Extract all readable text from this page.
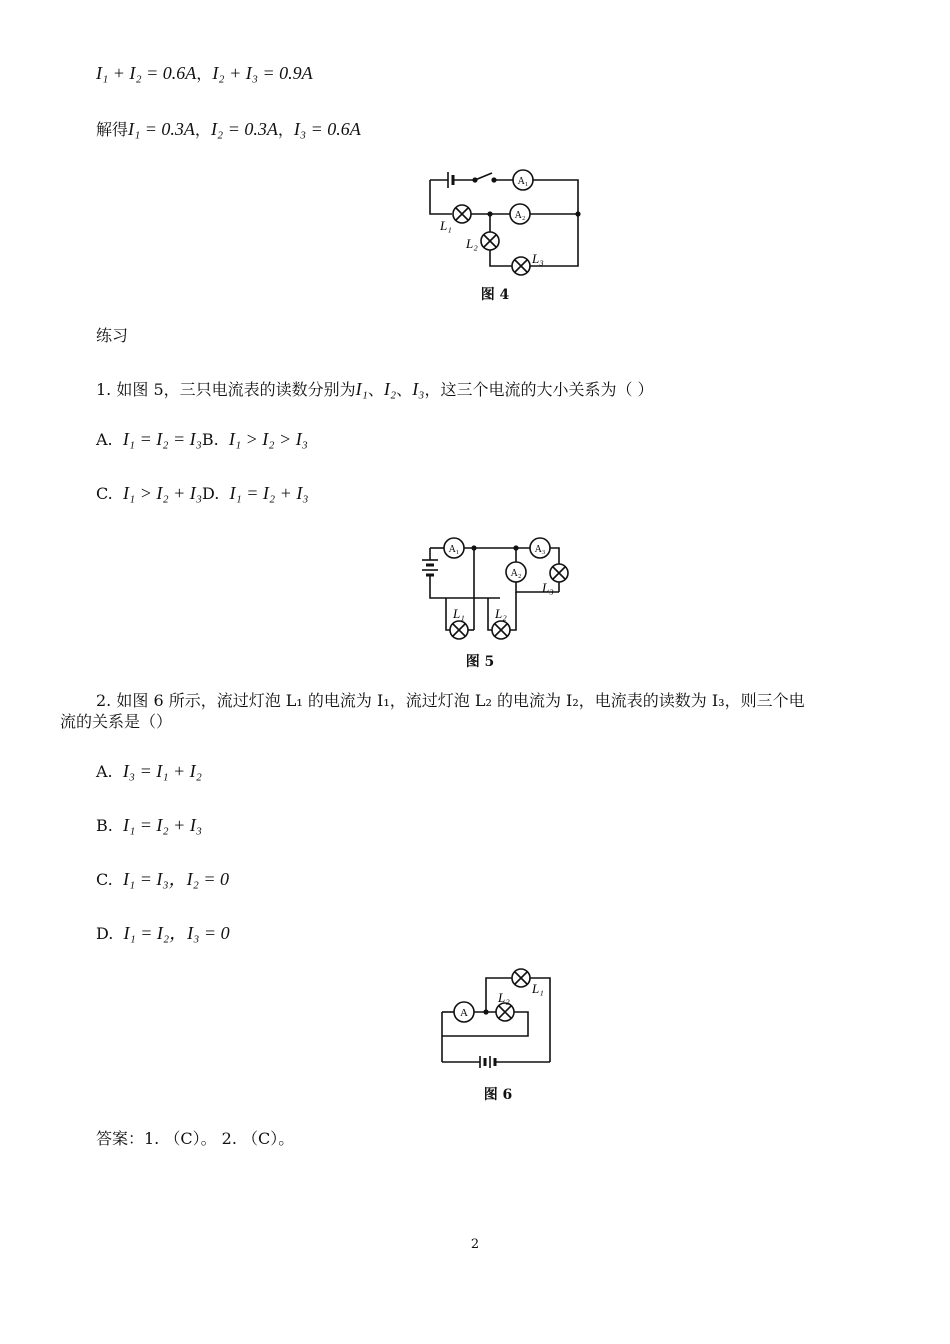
I₁ + I₂ = 0.6A，I₂ + I₃ = 0.9A
解得I₁ = 0.3A，I₂ = 0.3A，I₃ = 0.6A
A₁
A₂
L₁
L₂
L₃
图 4
练习
1. 如图 5，三只电流表的读数分别为I₁、I₂、I₃，这三个电流的大小关系为（ ）
A. I₁ = I₂ = I₃B. I₁ > I₂ > I₃
C. I₁ > I₂ + I₃D. I₁ = I₂ + I₃
A₁
A₂
A₃
L₁ L₂
L₃
图 5
2. 如图 6 所示，流过灯泡 L₁ 的电流为 I₁，流过灯泡 L₂ 的电流为 I₂，电流表的读数为 I₃，则三个电
流的关系是（）
A. I₃ = I₁ + I₂
B. I₁ = I₂ + I₃
C. I₁ = I₃，I₂ = 0
D. I₁ = I₂，I₃ = 0
A
L₁
L₂
图 6
答案：1. （C）。 2. （C）。
2
